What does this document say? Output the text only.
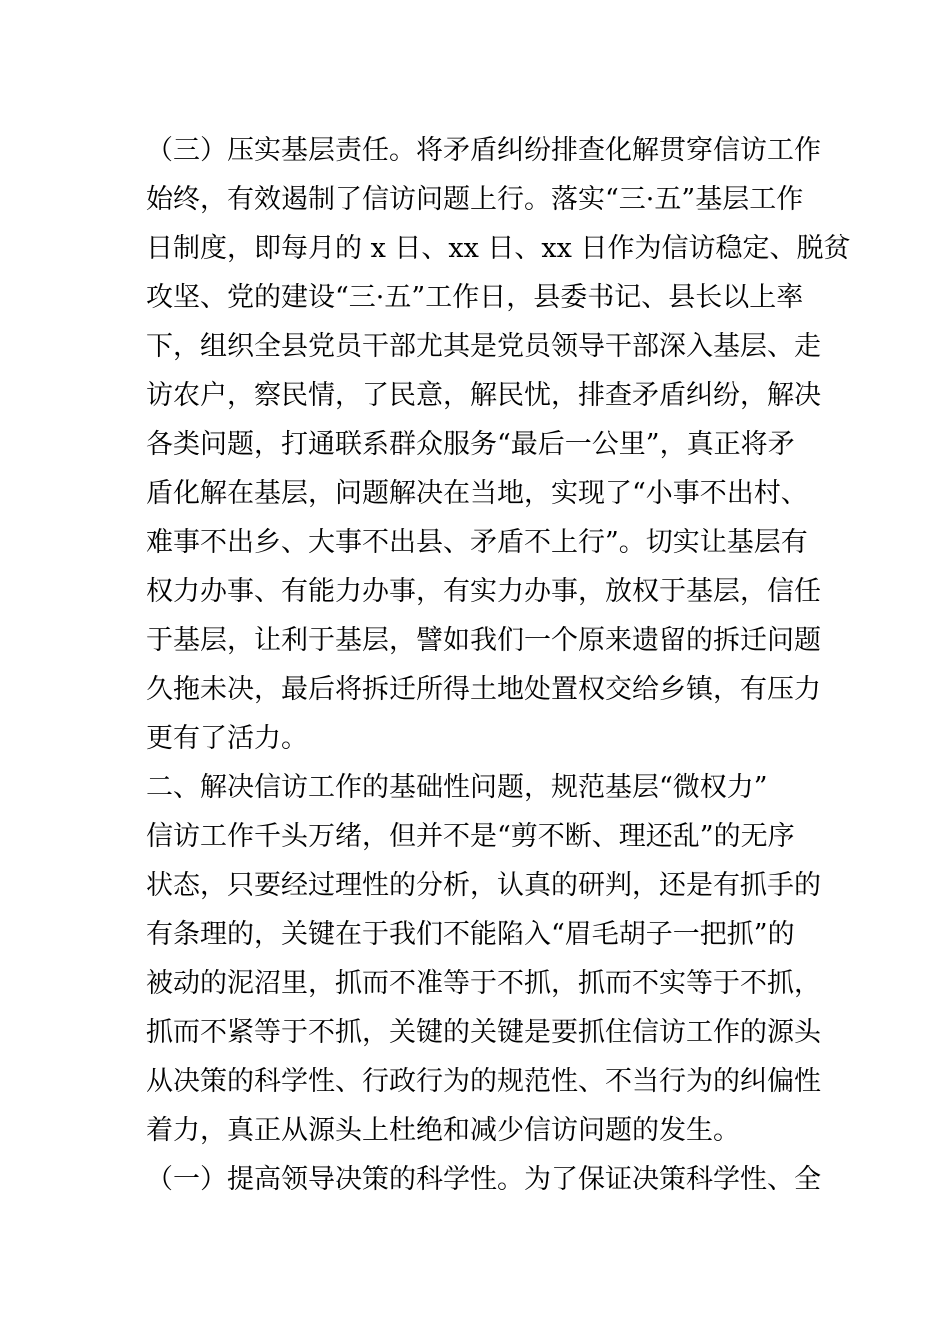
（三）压实基层责任。将矛盾纠纷排查化解贯穿信访工作
始终，有效遏制了信访问题上行。落实“三·五”基层工作
日制度，即每月的 x 日、xx 日、xx 日作为信访稳定、脱贫
攻坚、党的建设“三·五”工作日，县委书记、县长以上率
下，组织全县党员干部尤其是党员领导干部深入基层、走
访农户，察民情，了民意，解民忧，排查矛盾纠纷，解决
各类问题，打通联系群众服务“最后一公里”，真正将矛
盾化解在基层，问题解决在当地，实现了“小事不出村、
难事不出乡、大事不出县、矛盾不上行”。切实让基层有
权力办事、有能力办事，有实力办事，放权于基层，信任
于基层，让利于基层，譬如我们一个原来遗留的拆迁问题
久拖未决，最后将拆迁所得土地处置权交给乡镇，有压力
更有了活力。
二、解决信访工作的基础性问题，规范基层“微权力”
信访工作千头万绪，但并不是“剪不断、理还乱”的无序
状态，只要经过理性的分析，认真的研判，还是有抓手的
有条理的，关键在于我们不能陷入“眉毛胡子一把抓”的
被动的泥沼里，抓而不准等于不抓，抓而不实等于不抓，
抓而不紧等于不抓，关键的关键是要抓住信访工作的源头
从决策的科学性、行政行为的规范性、不当行为的纠偏性
着力，真正从源头上杜绝和减少信访问题的发生。
（一）提高领导决策的科学性。为了保证决策科学性、全
